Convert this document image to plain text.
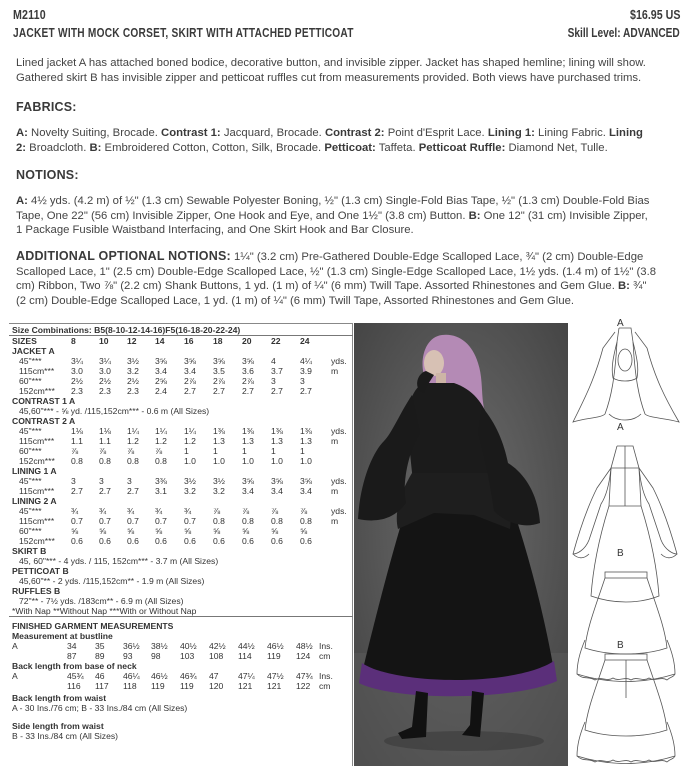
M2110
JACKET WITH MOCK CORSET, SKIRT WITH ATTACHED PETTICOAT
$16.95 US
Skill Level: ADVANCED
Lined jacket A has attached boned bodice, decorative button, and invisible zipper. Jacket has shaped hemline; lining will show.
Gathered skirt B has invisible zipper and petticoat ruffles cut from measurements provided. Both views have purchased trims.
FABRICS:
A: Novelty Suiting, Brocade. Contrast 1: Jacquard, Brocade. Contrast 2: Point d'Esprit Lace. Lining 1: Lining Fabric. Lining
2: Broadcloth. B: Embroidered Cotton, Cotton, Silk, Brocade. Petticoat: Taffeta. Petticoat Ruffle: Diamond Net, Tulle.
NOTIONS:
A: 4½ yds. (4.2 m) of ½" (1.3 cm) Sewable Polyester Boning, ½" (1.3 cm) Single-Fold Bias Tape, ½" (1.3 cm) Double-Fold Bias
Tape, One 22" (56 cm) Invisible Zipper, One Hook and Eye, and One 1½" (3.8 cm) Button. B: One 12" (31 cm) Invisible Zipper,
1 Package Fusible Waistband Interfacing, and One Skirt Hook and Bar Closure.
ADDITIONAL OPTIONAL NOTIONS: 1¼" (3.2 cm) Pre-Gathered Double-Edge Scalloped Lace, ¾" (2 cm) Double-Edge
Scalloped Lace, 1" (2.5 cm) Double-Edge Scalloped Lace, ½" (1.3 cm) Single-Edge Scalloped Lace, 1½ yds. (1.4 m) of 1½" (3.8
cm) Ribbon, Two ⅞" (2.2 cm) Shank Buttons, 1 yd. (1 m) of ¼" (6 mm) Twill Tape. Assorted Rhinestones and Gem Glue. B: ¾"
(2 cm) Double-Edge Scalloped Lace, 1 yd. (1 m) of ¼" (6 mm) Twill Tape, Assorted Rhinestones and Gem Glue.
Size Combinations: B5(8-10-12-14-16)F5(16-18-20-22-24)
SIZES	8	10 12 14 16 18 20 22 24
JACKET A
45"***	3¼ 3¼ 3½ 3⅝ 3⅝ 3⅝ 3⅝ 4	4¼ yds.
115cm*** 3.0 3.0 3.2 3.4 3.4 3.5 3.6 3.7 3.9 m
60"***	2½ 2½ 2½ 2⅝ 2⅞ 2⅞ 2⅞ 3	3
152cm*** 2.3 2.3 2.3 2.4 2.7 2.7 2.7 2.7 2.7
CONTRAST 1 A
45,60"*** - ⅝ yd. /115,152cm*** - 0.6 m (All Sizes)
CONTRAST 2 A
45"***	1⅛ 1⅛ 1¼ 1¼ 1¼ 1⅜ 1⅜ 1⅜ 1⅜ yds.
115cm*** 1.1 1.1 1.2 1.2 1.2 1.3 1.3 1.3 1.3 m
60"***	⅞ ⅞ ⅞ ⅞	1	1	1	1	1
152cm*** 0.8 0.8 0.8 0.8 1.0 1.0 1.0 1.0 1.0
LINING 1 A
45"***	3	3	3	3⅜ 3½ 3½ 3⅝ 3⅝ 3⅝ yds.
115cm*** 2.7 2.7 2.7 3.1 3.2 3.2 3.4 3.4 3.4 m
LINING 2 A
45"***	¾ ¾ ¾ ¾	¾	⅞	⅞	⅞	⅞	yds.
115cm*** 0.7 0.7 0.7 0.7 0.7 0.8 0.8 0.8 0.8 m
60"***	⅝ ⅝ ⅝ ⅝	⅝	⅝	⅝	⅝	⅝
152cm*** 0.6 0.6 0.6 0.6 0.6 0.6 0.6 0.6 0.6
SKIRT B
45, 60"*** - 4 yds. / 115, 152cm*** - 3.7 m (All Sizes)
PETTICOAT B
45,60"** - 2 yds. /115,152cm** - 1.9 m (All Sizes)
RUFFLES B
72"** - 7½ yds. /183cm** - 6.9 m (All Sizes)
*With Nap **Without Nap ***With or Without Nap
FINISHED GARMENT MEASUREMENTS
Measurement at bustline
A	34 35 36½ 38½ 40½ 42½ 44½ 46½ 48½ Ins.
87 89 93 98 103 108 114 119 124 cm
Back length from base of neck
A	45¾ 46 46¼ 46½ 46¾ 47 47¼ 47½ 47¾ Ins.
116 117 118 119 119 120 121 121 122 cm
Back length from waist
A - 30 Ins./76 cm; B - 33 Ins./84 cm (All Sizes)
Side length from waist
B - 33 Ins./84 cm (All Sizes)
A
A
B
B
